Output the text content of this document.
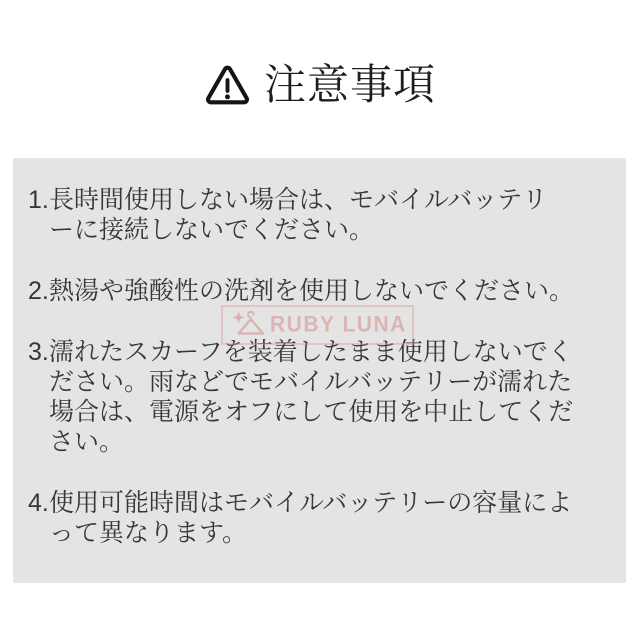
注意事項
1. 長時間使用しない場合は、モバイルバッテリ
ーに接続しないでください。
2. 熱湯や強酸性の洗剤を使用しないでください。
3. 濡れたスカーフを装着したまま使用しないでく
ださい。雨などでモバイルバッテリーが濡れた
場合は、電源をオフにして使用を中止してくだ
さい。
4. 使用可能時間はモバイルバッテリーの容量によ
って異なります。
RUBY LUNA
